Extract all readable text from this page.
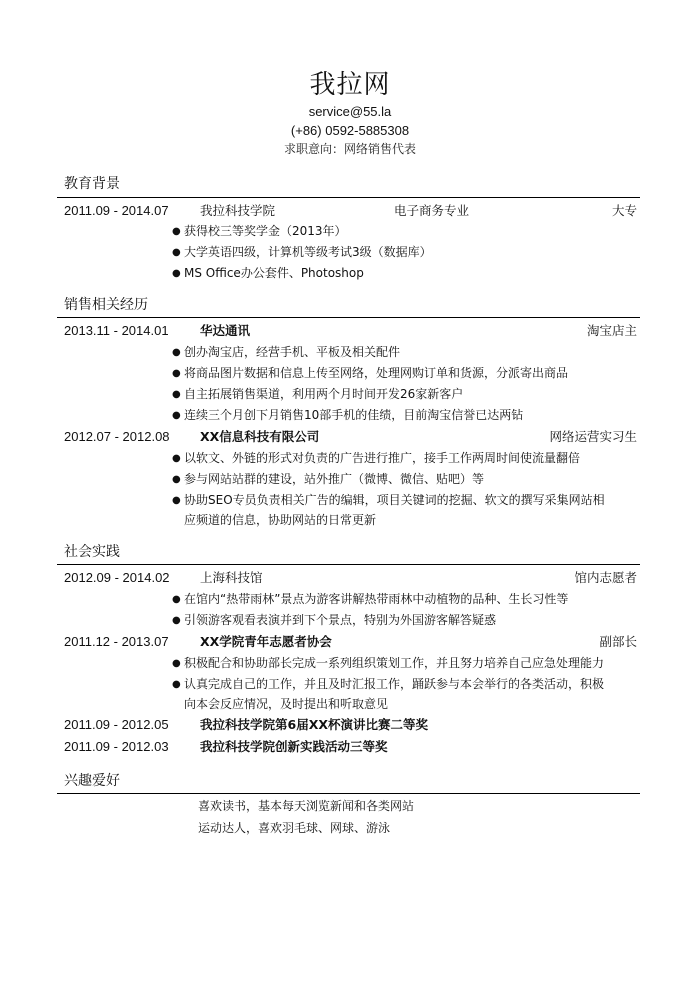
我拉网
service@55.la
(+86) 0592-5885308
求职意向：网络销售代表
教育背景
2011.09 - 2014.07	我拉科技学院	电子商务专业	大专
● 获得校三等奖学金（2013年）
● 大学英语四级，计算机等级考试3级（数据库）
● MS Office办公套件、Photoshop
销售相关经历
2013.11 - 2014.01	华达通讯	淘宝店主
● 创办淘宝店，经营手机、平板及相关配件
● 将商品图片数据和信息上传至网络，处理网购订单和货源，分派寄出商品
● 自主拓展销售渠道，利用两个月时间开发26家新客户
● 连续三个月创下月销售10部手机的佳绩，目前淘宝信誉已达两钻
2012.07 - 2012.08 XX信息科技有限公司	网络运营实习生
● 以软文、外链的形式对负责的广告进行推广，接手工作两周时间使流量翻倍
● 参与网站站群的建设，站外推广（微博、微信、贴吧）等
● 协助SEO专员负责相关广告的编辑，项目关键词的挖掘、软文的撰写采集网站相
应频道的信息，协助网站的日常更新
社会实践
2012.09 - 2014.02 上海科技馆	馆内志愿者
● 在馆内“热带雨林”景点为游客讲解热带雨林中动植物的品种、生长习性等
● 引领游客观看表演并到下个景点，特别为外国游客解答疑惑
2011.12 - 2013.07	XX学院青年志愿者协会	副部长
● 积极配合和协助部长完成一系列组织策划工作，并且努力培养自己应急处理能力
● 认真完成自己的工作，并且及时汇报工作，踊跃参与本会举行的各类活动，积极
向本会反应情况，及时提出和听取意见
2011.09 - 2012.05	我拉科技学院第6届XX杯演讲比赛二等奖
2011.09 - 2012.03	我拉科技学院创新实践活动三等奖
兴趣爱好
喜欢读书，基本每天浏览新闻和各类网站
运动达人，喜欢羽毛球、网球、游泳
